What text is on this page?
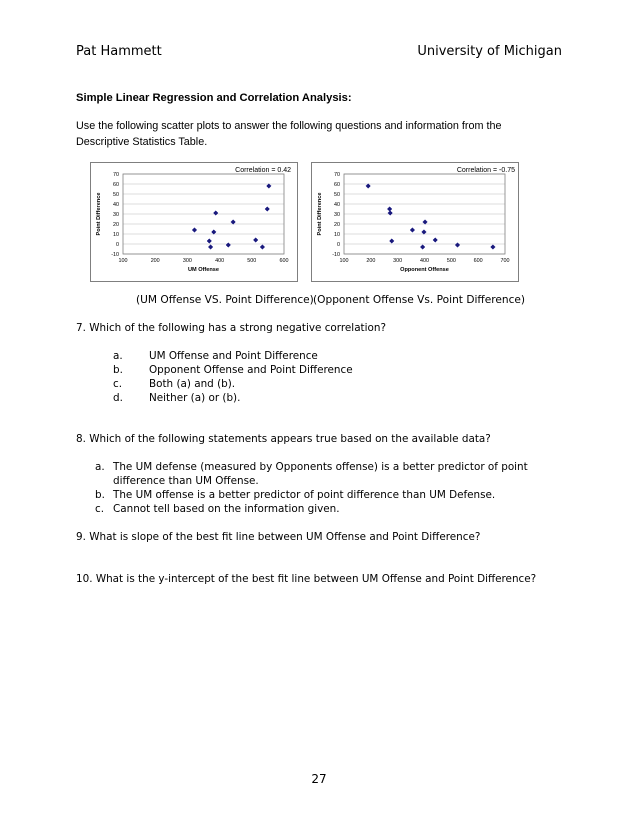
Pat Hammett	University of Michigan
Simple Linear Regression and Correlation Analysis:
Use the following scatter plots to answer the following questions and information from the
Descriptive Statistics Table.
Correlation = 0.42
Point Difference
UM Offense
-10
0
10
20
30
40
50
60
70
100	200	300	400	500	600
Correlation = -0.75
Point Difference
Opponent Offense
-10
0
10
20
30
40
50
60
70
100	200	300	400	500	600	700
(UM Offense VS. Point Difference) (Opponent Offense Vs. Point Difference)
7. Which of the following has a strong negative correlation?
a.	UM Offense and Point Difference
b.	Opponent Offense and Point Difference
c.	Both (a) and (b).
d.	Neither (a) or (b).
8. Which of the following statements appears true based on the available data?
a. The UM defense (measured by Opponents offense) is a better predictor of point
difference than UM Offense.
b. The UM offense is a better predictor of point difference than UM Defense.
c. Cannot tell based on the information given.
9. What is slope of the best fit line between UM Offense and Point Difference?
10. What is the y-intercept of the best fit line between UM Offense and Point Difference?
27
